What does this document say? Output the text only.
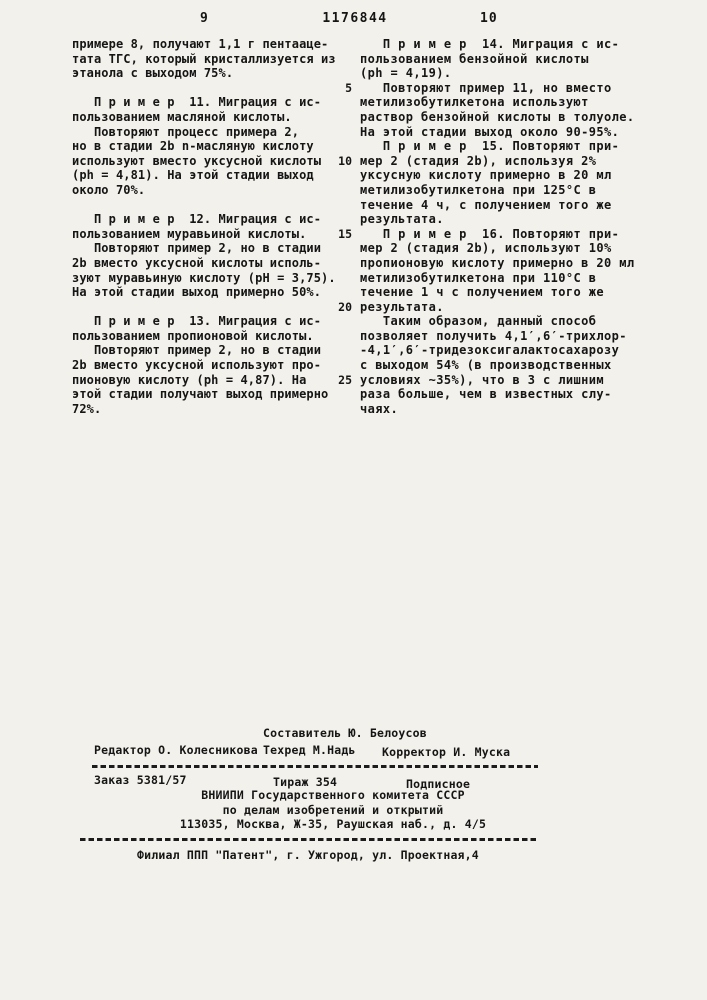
9	1176844	10
примере 8, получают 1,1 г пентааце-
тата ТГС, который кристаллизуется из
этанола с выходом 75%.
П р и м е р  11. Миграция с ис-
пользованием масляной кислоты.
Повторяют процесс примера 2,
но в стадии 2b n-масляную кислоту
используют вместо уксусной кислоты
(ph = 4,81). На этой стадии выход
около 70%.
П р и м е р  12. Миграция с ис-
пользованием муравьиной кислоты.
Повторяют пример 2, но в стадии
2b вместо уксусной кислоты исполь-
зуют муравьиную кислоту (pH = 3,75).
На этой стадии выход примерно 50%.
П р и м е р  13. Миграция с ис-
пользованием пропионовой кислоты.
Повторяют пример 2, но в стадии
2b вместо уксусной используют про-
пионовую кислоту (ph = 4,87). На
этой стадии получают выход примерно
72%.
5
10
15
20
25
П р и м е р  14. Миграция с ис-
пользованием бензойной кислоты
(ph = 4,19).
Повторяют пример 11, но вместо
метилизобутилкетона используют
раствор бензойной кислоты в толуоле.
На этой стадии выход около 90-95%.
П р и м е р  15. Повторяют при-
мер 2 (стадия 2b), используя 2%
уксусную кислоту примерно в 20 мл
метилизобутилкетона при 125°С в
течение 4 ч, с получением того же
результата.
П р и м е р  16. Повторяют при-
мер 2 (стадия 2b), используют 10%
пропионовую кислоту примерно в 20 мл
метилизобутилкетона при 110°С в
течение 1 ч с получением того же
результата.
Таким образом, данный способ
позволяет получить 4,1′,6′-трихлор-
-4,1′,6′-тридезоксигалактосахарозу
с выходом 54% (в производственных
условиях ~35%), что в 3 с лишним
раза больше, чем в известных слу-
чаях.
Составитель Ю. Белоусов
Редактор О. Колесникова Техред М.Надь Корректор И. Муска
Заказ 5381/57	Тираж 354	Подписное
ВНИИПИ Государственного комитета СССР
по делам изобретений и открытий
113035, Москва, Ж-35, Раушская наб., д. 4/5
Филиал ППП "Патент", г. Ужгород, ул. Проектная,4
